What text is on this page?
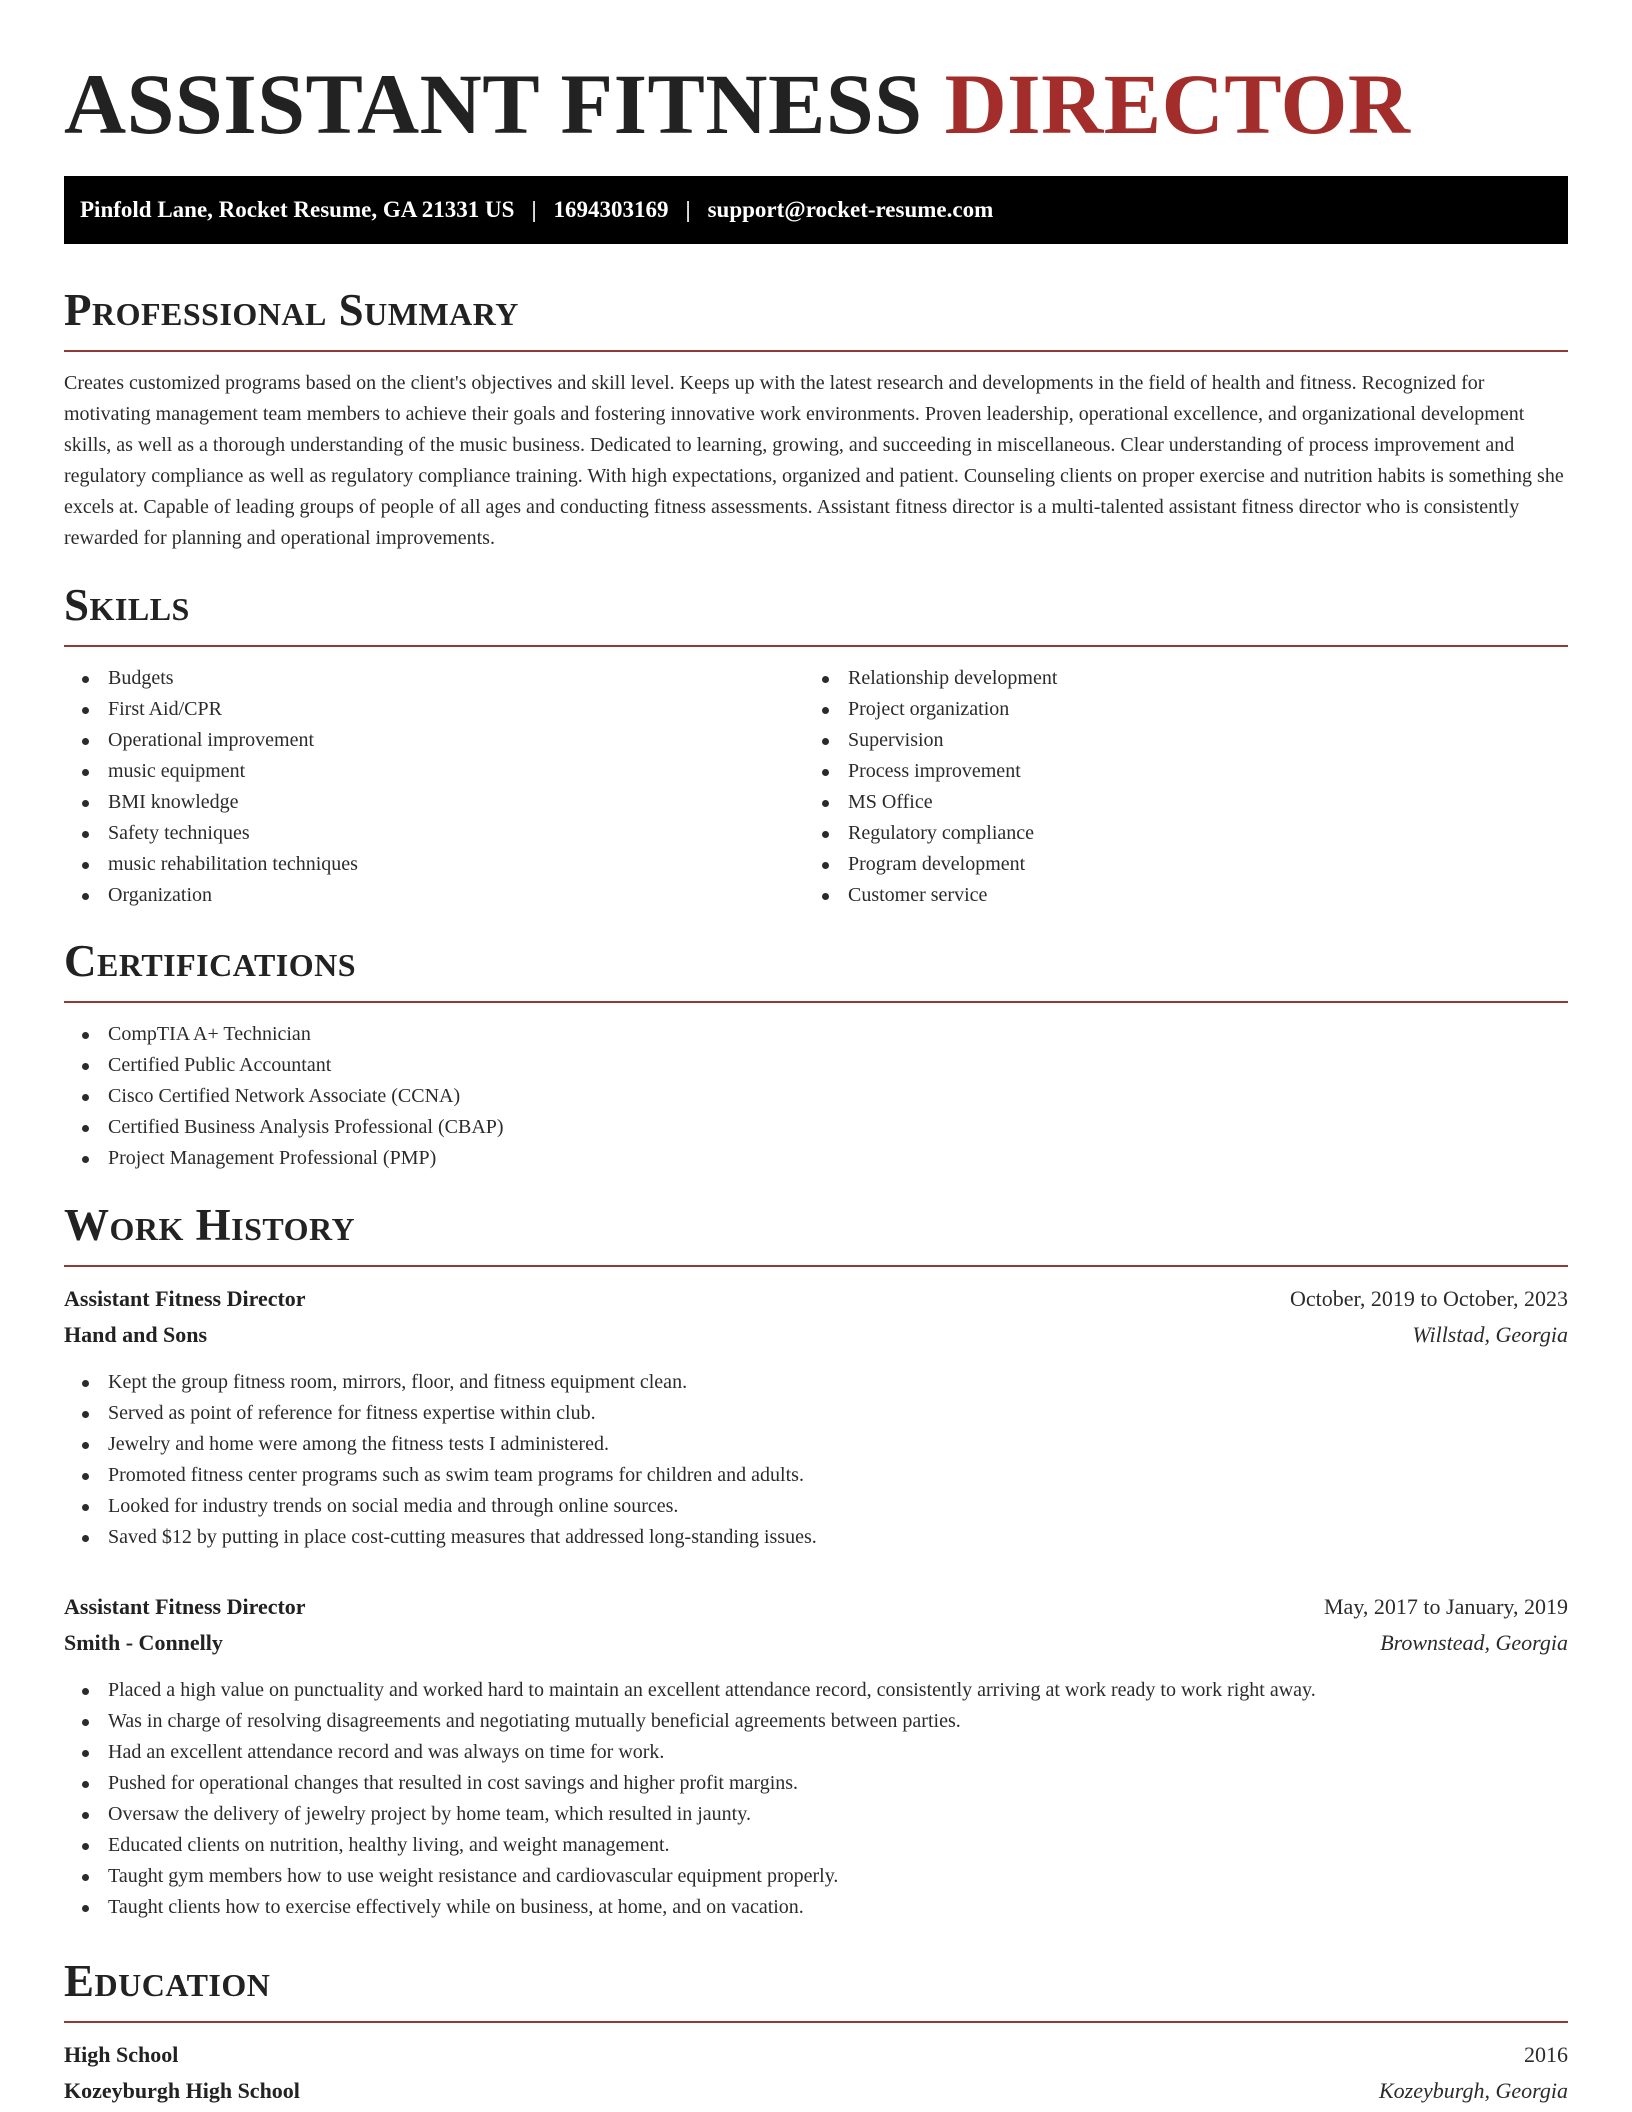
ASSISTANT FITNESS DIRECTOR
Pinfold Lane, Rocket Resume, GA 21331 US | 1694303169 | support@rocket-resume.com
Professional Summary

Creates customized programs based on the client's objectives and skill level. Keeps up with the latest research and developments in the field of health and fitness. Recognized for motivating management team members to achieve their goals and fostering innovative work environments. Proven leadership, operational excellence, and organizational development skills, as well as a thorough understanding of the music business. Dedicated to learning, growing, and succeeding in miscellaneous. Clear understanding of process improvement and regulatory compliance as well as regulatory compliance training. With high expectations, organized and patient. Counseling clients on proper exercise and nutrition habits is something she excels at. Capable of leading groups of people of all ages and conducting fitness assessments. Assistant fitness director is a multi-talented assistant fitness director who is consistently rewarded for planning and operational improvements.

Skills
Budgets
First Aid/CPR
Operational improvement
music equipment
BMI knowledge
Safety techniques
music rehabilitation techniques
Organization
Relationship development
Project organization
Supervision
Process improvement
MS Office
Regulatory compliance
Program development
Customer service
Certifications
CompTIA A+ Technician
Certified Public Accountant
Cisco Certified Network Associate (CCNA)
Certified Business Analysis Professional (CBAP)
Project Management Professional (PMP)
Work History
Assistant Fitness Director	October, 2019 to October, 2023
Hand and Sons	Willstad, Georgia
Kept the group fitness room, mirrors, floor, and fitness equipment clean.
Served as point of reference for fitness expertise within club.
Jewelry and home were among the fitness tests I administered.
Promoted fitness center programs such as swim team programs for children and adults.
Looked for industry trends on social media and through online sources.
Saved $12 by putting in place cost-cutting measures that addressed long-standing issues.
Assistant Fitness Director	May, 2017 to January, 2019
Smith - Connelly	Brownstead, Georgia
Placed a high value on punctuality and worked hard to maintain an excellent attendance record, consistently arriving at work ready to work right away.
Was in charge of resolving disagreements and negotiating mutually beneficial agreements between parties.
Had an excellent attendance record and was always on time for work.
Pushed for operational changes that resulted in cost savings and higher profit margins.
Oversaw the delivery of jewelry project by home team, which resulted in jaunty.
Educated clients on nutrition, healthy living, and weight management.
Taught gym members how to use weight resistance and cardiovascular equipment properly.
Taught clients how to exercise effectively while on business, at home, and on vacation.
Education
High School	2016
Kozeyburgh High School	Kozeyburgh, Georgia
